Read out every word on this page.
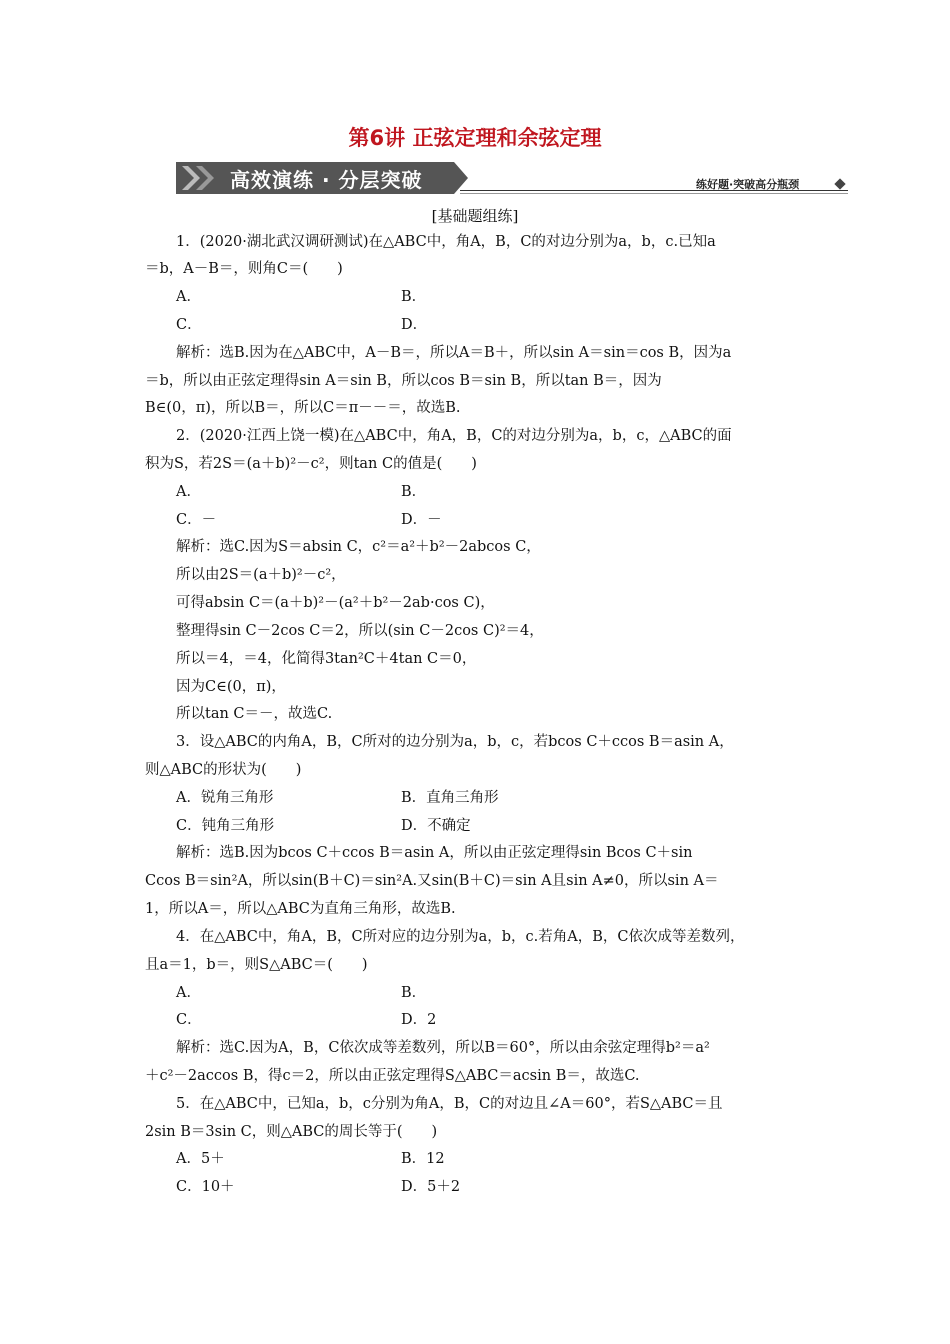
第6讲 正弦定理和余弦定理
高效演练 · 分层突破	练好题·突破高分瓶颈
[基础题组练]
1．(2020·湖北武汉调研测试)在△ABC中，角A，B，C的对边分别为a，b，c.已知a
＝b，A－B＝，则角C＝(　　)
A．	B．
C．	D．
解析：选B.因为在△ABC中，A－B＝，所以A＝B＋，所以sin A＝sin＝cos B，因为a
＝b，所以由正弦定理得sin A＝sin B，所以cos B＝sin B，所以tan B＝，因为
B∈(0，π)，所以B＝，所以C＝π－－＝，故选B.
2．(2020·江西上饶一模)在△ABC中，角A，B，C的对边分别为a，b，c，△ABC的面
积为S，若2S＝(a＋b)²－c²，则tan C的值是(　　)
A．	B．
C．－	D．－
解析：选C.因为S＝absin C，c²＝a²＋b²－2abcos C，
所以由2S＝(a＋b)²－c²，
可得absin C＝(a＋b)²－(a²＋b²－2ab·cos C)，
整理得sin C－2cos C＝2，所以(sin C－2cos C)²＝4，
所以＝4，＝4，化简得3tan²C＋4tan C＝0，
因为C∈(0，π)，
所以tan C＝－，故选C.
3．设△ABC的内角A，B，C所对的边分别为a，b，c，若bcos C＋ccos B＝asin A，
则△ABC的形状为(　　)
A．锐角三角形	B．直角三角形
C．钝角三角形	D．不确定
解析：选B.因为bcos C＋ccos B＝asin A，所以由正弦定理得sin Bcos C＋sin
Ccos B＝sin²A，所以sin(B＋C)＝sin²A.又sin(B＋C)＝sin A且sin A≠0，所以sin A＝
1，所以A＝，所以△ABC为直角三角形，故选B.
4．在△ABC中，角A，B，C所对应的边分别为a，b，c.若角A，B，C依次成等差数列，
且a＝1，b＝，则S△ABC＝(　　)
A．	B．
C．	D．2
解析：选C.因为A，B，C依次成等差数列，所以B＝60°，所以由余弦定理得b²＝a²
＋c²－2accos B，得c＝2，所以由正弦定理得S△ABC＝acsin B＝，故选C.
5．在△ABC中，已知a，b，c分别为角A，B，C的对边且∠A＝60°，若S△ABC＝且
2sin B＝3sin C，则△ABC的周长等于(　　)
A．5＋	B．12
C．10＋	D．5＋2
